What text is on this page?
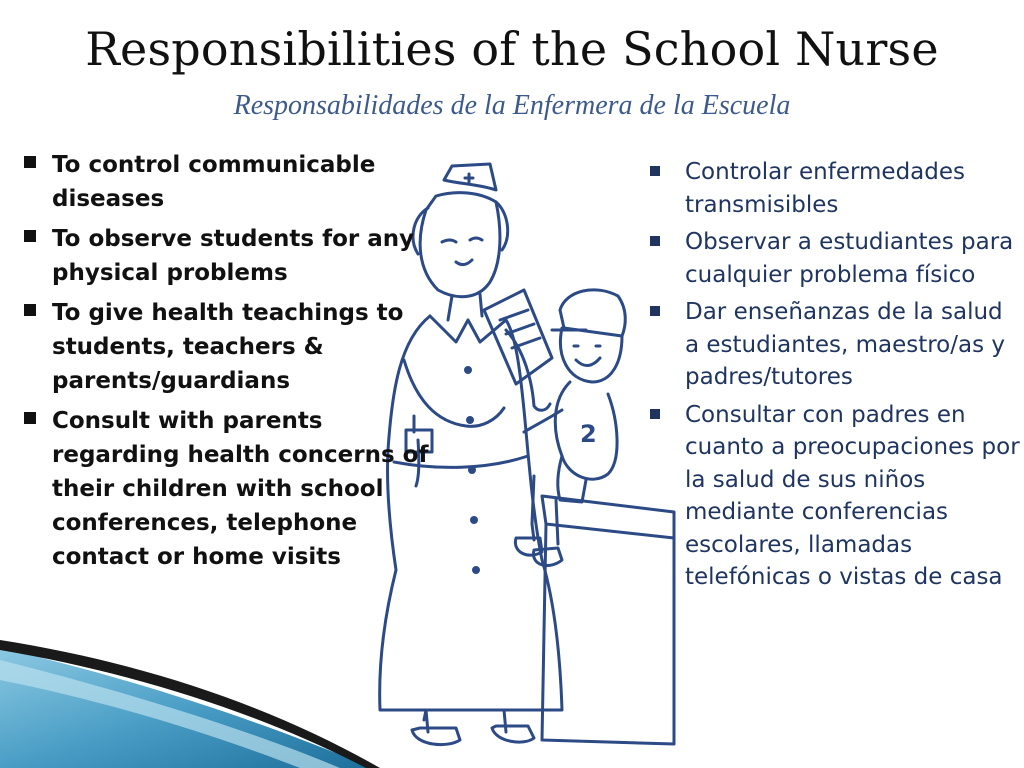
Responsibilities of the School Nurse
Responsabilidades de la Enfermera de la Escuela
2
To control communicable diseases
To observe students for any physical problems
To give health teachings to students, teachers & parents/guardians
Consult with parents regarding health concerns of their children with school conferences, telephone contact or home visits
Controlar enfermedades transmisibles
Observar a estudiantes para cualquier problema físico
Dar enseñanzas de la salud a estudiantes, maestro/as y padres/tutores
Consultar con padres en cuanto a preocupaciones por la salud de sus niños mediante conferencias escolares, llamadas telefónicas o vistas de casa
